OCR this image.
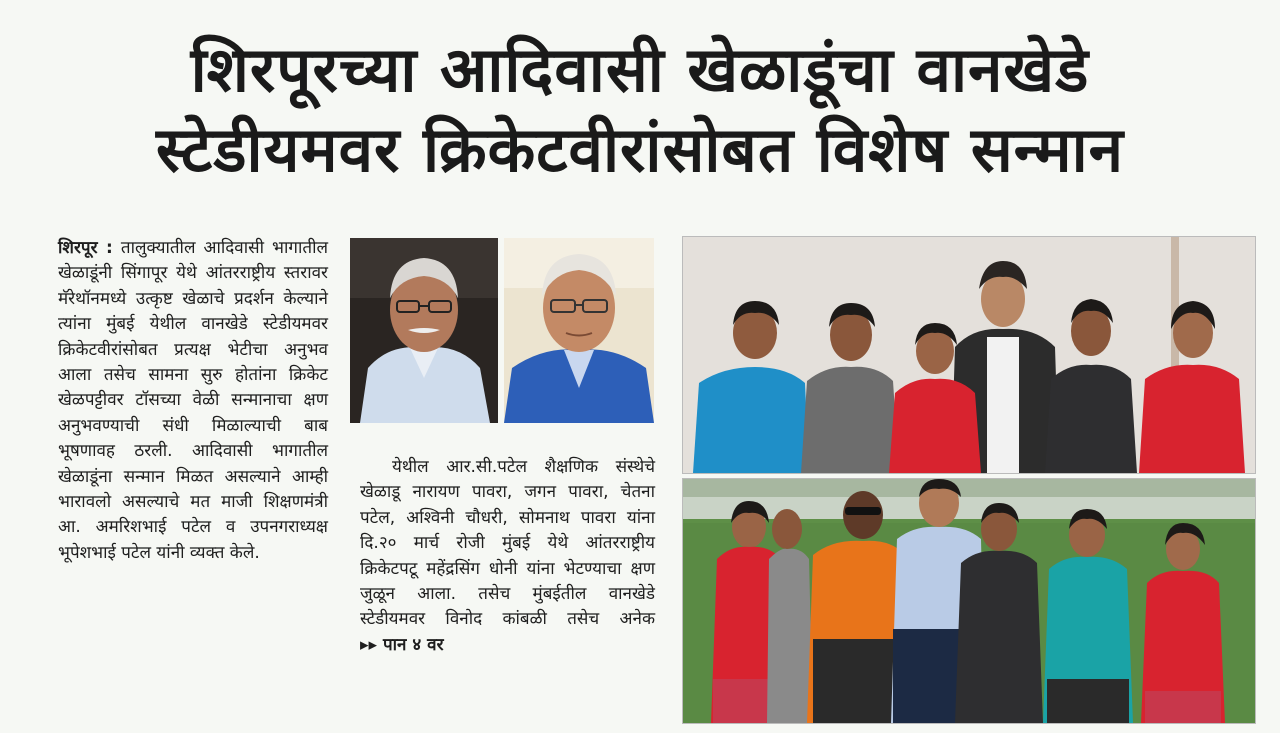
शिरपूरच्या आदिवासी खेळाडूंचा वानखेडे
स्टेडीयमवर क्रिकेटवीरांसोबत विशेष सन्मान

शिरपूर : तालुक्यातील आदिवासी भागातील खेळाडूंनी सिंगापूर येथे आंतरराष्ट्रीय स्तरावर मॅरेथॉनमध्ये उत्कृष्ट खेळाचे प्रदर्शन केल्याने त्यांना मुंबई येथील वानखेडे स्टेडीयमवर क्रिकेटवीरांसोबत प्रत्यक्ष भेटीचा अनुभव आला तसेच सामना सुरु होतांना क्रिकेट खेळपट्टीवर टॉसच्या वेळी सन्मानाचा क्षण अनुभवण्याची संधी मिळाल्याची बाब भूषणावह ठरली. आदिवासी भागातील खेळाडूंना सन्मान मिळत असल्याने आम्ही भारावलो असल्याचे मत माजी शिक्षणमंत्री आ. अमरिशभाई पटेल व उपनगराध्यक्ष भूपेशभाई पटेल यांनी व्यक्त केले.

येथील आर.सी.पटेल शैक्षणिक संस्थेचे खेळाडू नारायण पावरा, जगन पावरा, चेतना पटेल, अश्विनी चौधरी, सोमनाथ पावरा यांना दि.२० मार्च रोजी मुंबई येथे आंतरराष्ट्रीय क्रिकेटपटू महेंद्रसिंग धोनी यांना भेटण्याचा क्षण जुळून आला. तसेच मुंबईतील वानखेडे स्टेडीयमवर विनोद कांबळी तसेच अनेक ▸▸ पान ४ वर
